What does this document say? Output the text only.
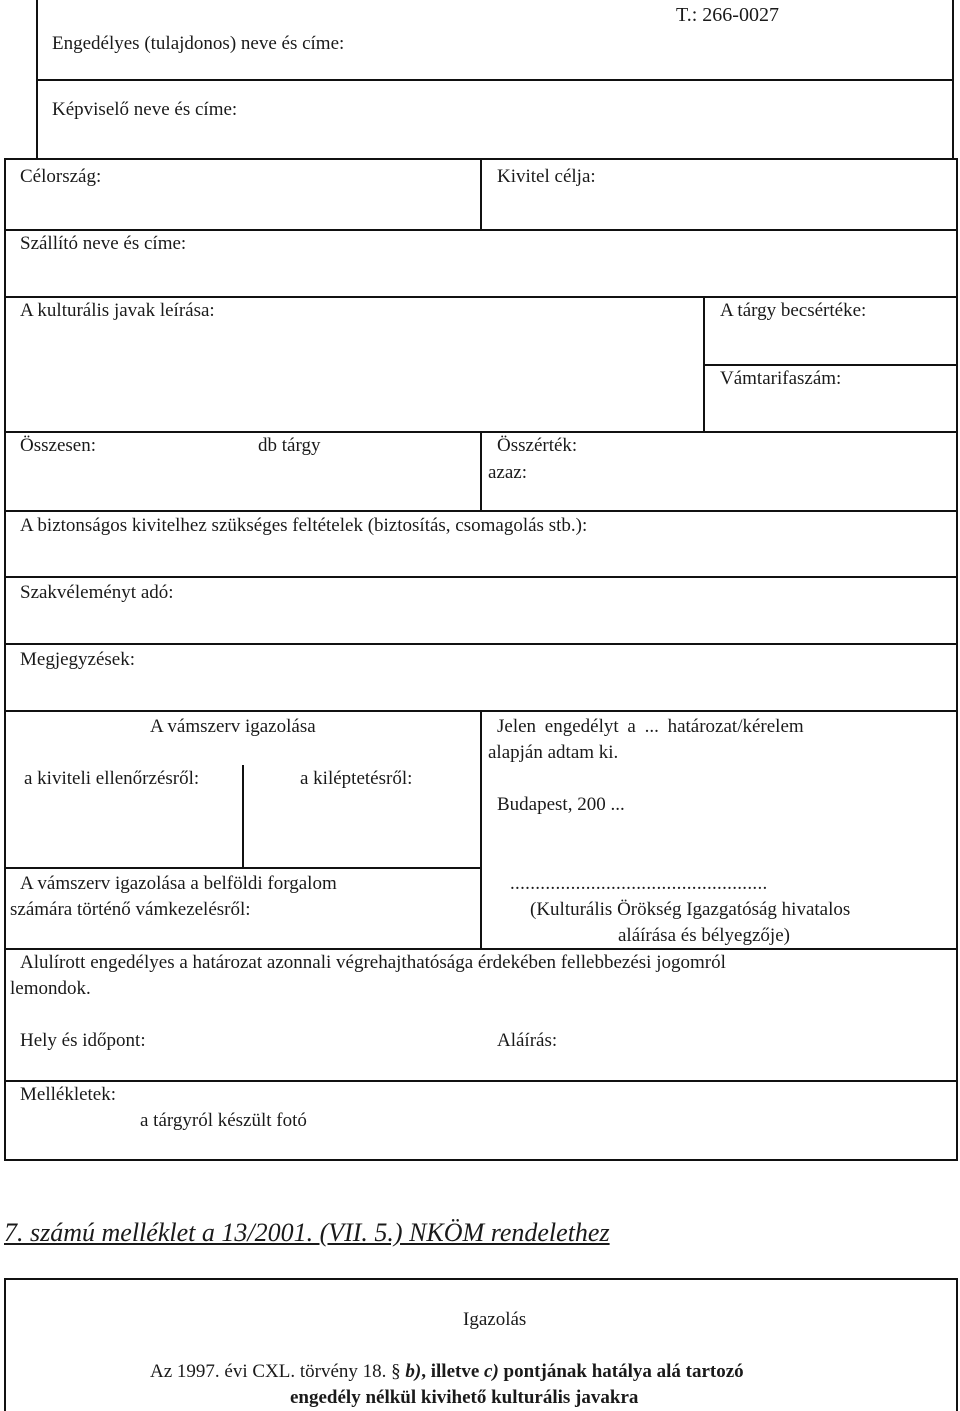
T.: 266-0027
Engedélyes (tulajdonos) neve és címe:
Képviselő neve és címe:
Célország:	Kivitel célja:
Szállító neve és címe:
A kulturális javak leírása:	A tárgy becsértéke:
Vámtarifaszám:
Összesen:	db tárgy	Összérték:
azaz:
A biztonságos kivitelhez szükséges feltételek (biztosítás, csomagolás stb.):
Szakvéleményt adó:
Megjegyzések:
A vámszerv igazolása
a kiviteli ellenőrzésről:	a kiléptetésről:
Jelen engedélyt a ... határozat/kérelem
alapján adtam ki.
Budapest, 200 ...
A vámszerv igazolása a belföldi forgalom
számára történő vámkezelésről:
...................................................
(Kulturális Örökség Igazgatóság hivatalos
aláírása és bélyegzője)
Alulírott engedélyes a határozat azonnali végrehajthatósága érdekében fellebbezési jogomról
lemondok.
Hely és időpont:	Aláírás:
Mellékletek:
a tárgyról készült fotó
7. számú melléklet a 13/2001. (VII. 5.) NKÖM rendelethez
Igazolás
Az 1997. évi CXL. törvény 18. § b), illetve c) pontjának hatálya alá tartozó
engedély nélkül kivihető kulturális javakra
